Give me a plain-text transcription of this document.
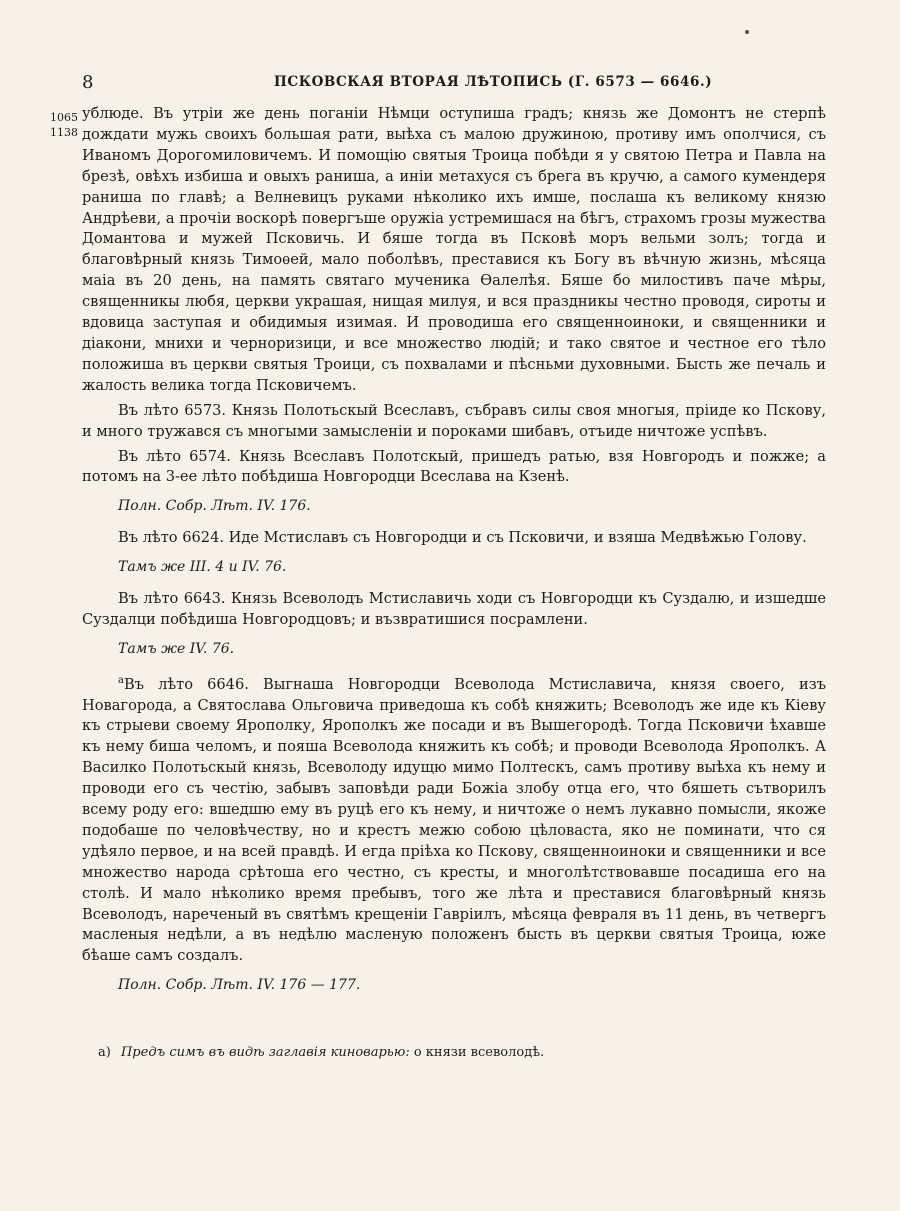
8	ПСКОВСКАЯ ВТОРАЯ ЛѢТОПИСЬ (Г. 6573 — 6646.)
1065
1138

ублюде. Въ утріи же день поганіи Нѣмци оступиша градъ; князь же Домонтъ не стерпѣ дождати мужь своихъ большая рати, выѣха съ малою дружиною, противу имъ ополчися, съ Иваномъ Дорогомиловичемъ. И помощію святыя Троица побѣди я у святою Петра и Павла на брезѣ, овѣхъ избиша и овыхъ раниша, а иніи метахуся съ брега въ кручю, а самого кумендеря раниша по главѣ; а Велневицъ руками нѣколико ихъ имше, послаша къ великому князю Андрѣеви, а прочіи воскорѣ повергъше оружіа устремишася на бѣгъ, страхомъ грозы мужества Домантова и мужей Псковичь. И бяше тогда въ Псковѣ моръ вельми золъ; тогда и благовѣрный князь Тимоѳей, мало поболѣвъ, преставися къ Богу въ вѣчную жизнь, мѣсяца маіа въ 20 день, на память святаго мученика Ѳалелѣя. Бяше бо милостивъ паче мѣры, священникы любя, церкви украшая, нищая милуя, и вся праздникы честно проводя, сироты и вдовица заступая и обидимыя изимая. И проводиша его священноиноки, и священники и діакони, мнихи и черноризици, и все множество людій; и тако святое и честное его тѣло положиша въ церкви святыя Троици, съ похвалами и пѣсньми духовными. Бысть же печаль и жалость велика тогда Псковичемъ.

Въ лѣто 6573. Князь Полотьскый Всеславъ, събравъ силы своя многыя, пріиде ко Пскову, и много тружався съ многыми замысленіи и пороками шибавъ, отъиде ничтоже успѣвъ.

Въ лѣто 6574. Князь Всеславъ Полотскый, пришедъ ратью, взя Новгородъ и пожже; а потомъ на 3-ее лѣто побѣдиша Новгородци Всеслава на Кзенѣ.

Полн. Собр. Лѣт. IV. 176.

Въ лѣто 6624. Иде Мстиславъ съ Новгородци и съ Псковичи, и взяша Медвѣжью Голову.

Тамъ же III. 4 и IV. 76.

Въ лѣто 6643. Князь Всеволодъ Мстиславичь ходи съ Новгородци къ Суздалю, и изшедше Суздалци побѣдиша Новгородцовъ; и възвратишися посрамлени.

Тамъ же IV. 76.

$^а$Въ лѣто 6646. Выгнаша Новгородци Всеволода Мстиславича, князя своего, изъ Новагорода, а Святослава Ольговича приведоша къ собѣ княжить; Всеволодъ же иде къ Кіеву къ стрыеви своему Ярополку, Ярополкъ же посади и въ Вышегородѣ. Тогда Псковичи ѣхавше къ нему биша челомъ, и пояша Всеволода княжить къ собѣ; и проводи Всеволода Ярополкъ. А Василко Полотьскый князь, Всеволоду идущю мимо Полтескъ, самъ противу выѣха къ нему и проводи его съ честію, забывъ заповѣди ради Божіа злобу отца его, что бяшеть сътворилъ всему роду его: вшедшю ему въ руцѣ его къ нему, и ничтоже о немъ лукавно помысли, якоже подобаше по человѣчеству, но и крестъ межю собою цѣловаста, яко не поминати, что ся удѣяло первое, и на всей правдѣ. И егда пріѣха ко Пскову, священноиноки и священники и все множество народа срѣтоша его честно, съ кресты, и многолѣтствовавше посадиша его на столѣ. И мало нѣколико время пребывъ, того же лѣта и преставися благовѣрный князь Всеволодъ, нареченый въ святѣмъ крещеніи Гавріилъ, мѣсяца февраля въ 11 день, въ четвергъ масленыя недѣли, а въ недѣлю масленую положенъ бысть въ церкви святыя Троица, юже бѣаше самъ создалъ.

Полн. Собр. Лѣт. IV. 176 — 177.

а) Предъ симъ въ видѣ заглавія киноварью: о князи всеволодѣ.
